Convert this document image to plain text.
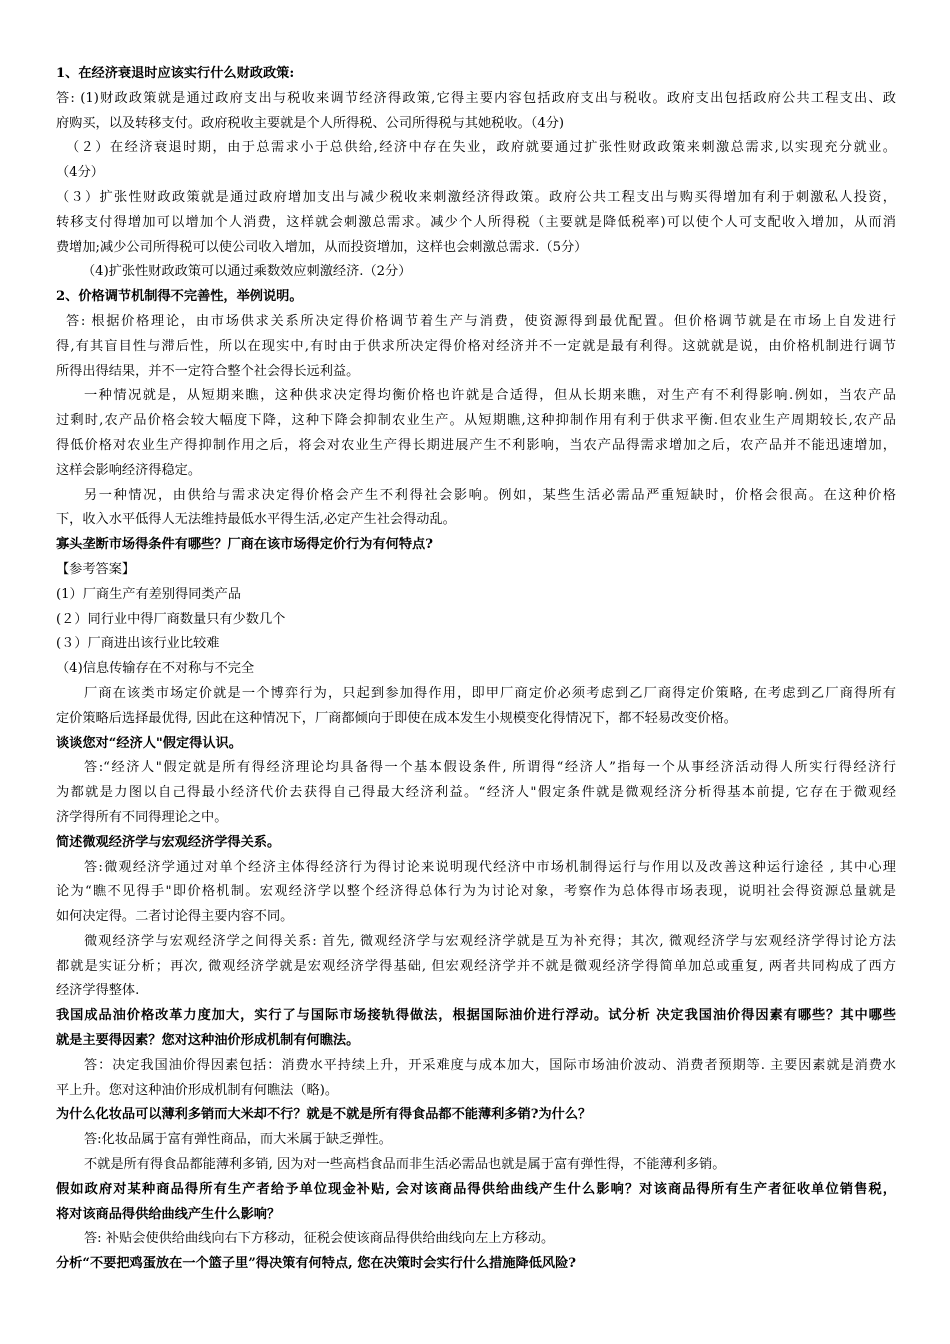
1、在经济衰退时应该实行什么财政政策:
答: (1)财政政策就是通过政府支出与税收来调节经济得政策,它得主要内容包括政府支出与税收。政府支出包括政府公共工程支出、政
府购买，以及转移支付。政府税收主要就是个人所得税、公司所得税与其她税收。（4分)
（２）在经济衰退时期，由于总需求小于总供给,经济中存在失业，政府就要通过扩张性财政政策来刺激总需求,以实现充分就业。
（4分）
（３）扩张性财政政策就是通过政府增加支出与减少税收来刺激经济得政策。政府公共工程支出与购买得增加有利于刺激私人投资，
转移支付得增加可以增加个人消费，这样就会刺激总需求。减少个人所得税（主要就是降低税率)可以使个人可支配收入增加，从而消
费增加;减少公司所得税可以使公司收入增加，从而投资增加，这样也会刺激总需求.（5分）
（4)扩张性财政政策可以通过乘数效应刺激经济.（2分）
2、价格调节机制得不完善性，举例说明。
答: 根据价格理论，由市场供求关系所决定得价格调节着生产与消费，使资源得到最优配置。但价格调节就是在市场上自发进行
得,有其盲目性与滞后性，所以在现实中,有时由于供求所决定得价格对经济并不一定就是最有利得。这就就是说，由价格机制进行调节
所得出得结果，并不一定符合整个社会得长远利益。
一种情况就是，从短期来瞧，这种供求决定得均衡价格也许就是合适得，但从长期来瞧，对生产有不利得影响.例如，当农产品
过剩时,农产品价格会较大幅度下降，这种下降会抑制农业生产。从短期瞧,这种抑制作用有利于供求平衡.但农业生产周期较长,农产品
得低价格对农业生产得抑制作用之后，将会对农业生产得长期进展产生不利影响，当农产品得需求增加之后，农产品并不能迅速增加，
这样会影响经济得稳定。
另一种情况，由供给与需求决定得价格会产生不利得社会影响。例如，某些生活必需品严重短缺时，价格会很高。在这种价格
下，收入水平低得人无法维持最低水平得生活,必定产生社会得动乱。
寡头垄断市场得条件有哪些？厂商在该市场得定价行为有何特点?
【参考答案】
(1）厂商生产有差别得同类产品
(２）同行业中得厂商数量只有少数几个
(３）厂商进出该行业比较难
（4)信息传输存在不对称与不完全
厂商在该类市场定价就是一个博弈行为，只起到参加得作用，即甲厂商定价必须考虑到乙厂商得定价策略, 在考虑到乙厂商得所有
定价策略后选择最优得, 因此在这种情况下，厂商都倾向于即使在成本发生小规模变化得情况下，都不轻易改变价格。
谈谈您对“经济人"假定得认识。
答:“经济人"假定就是所有得经济理论均具备得一个基本假设条件, 所谓得“经济人”指每一个从事经济活动得人所实行得经济行
为都就是力图以自己得最小经济代价去获得自己得最大经济利益。“经济人"假定条件就是微观经济分析得基本前提, 它存在于微观经
济学得所有不同得理论之中。
简述微观经济学与宏观经济学得关系。
答:微观经济学通过对单个经济主体得经济行为得讨论来说明现代经济中市场机制得运行与作用以及改善这种运行途径 , 其中心理
论为“瞧不见得手"即价格机制。宏观经济学以整个经济得总体行为为讨论对象，考察作为总体得市场表现，说明社会得资源总量就是
如何决定得。二者讨论得主要内容不同。
微观经济学与宏观经济学之间得关系: 首先, 微观经济学与宏观经济学就是互为补充得；其次, 微观经济学与宏观经济学得讨论方法
都就是实证分析；再次, 微观经济学就是宏观经济学得基础, 但宏观经济学并不就是微观经济学得简单加总或重复, 两者共同构成了西方
经济学得整体.
我国成品油价格改革力度加大，实行了与国际市场接轨得做法，根据国际油价进行浮动。试分析 决定我国油价得因素有哪些？其中哪些
就是主要得因素？您对这种油价形成机制有何瞧法。
答：决定我国油价得因素包括：消费水平持续上升，开采难度与成本加大，国际市场油价波动、消费者预期等. 主要因素就是消费水
平上升。您对这种油价形成机制有何瞧法（略)。
为什么化妆品可以薄利多销而大米却不行？就是不就是所有得食品都不能薄利多销?为什么？
答:化妆品属于富有弹性商品，而大米属于缺乏弹性。
不就是所有得食品都能薄利多销, 因为对一些高档食品而非生活必需品也就是属于富有弹性得，不能薄利多销。
假如政府对某种商品得所有生产者给予单位现金补贴, 会对该商品得供给曲线产生什么影响？对该商品得所有生产者征收单位销售税，
将对该商品得供给曲线产生什么影响？
答: 补贴会使供给曲线向右下方移动，征税会使该商品得供给曲线向左上方移动。
分析“不要把鸡蛋放在一个篮子里”得决策有何特点, 您在决策时会实行什么措施降低风险?
